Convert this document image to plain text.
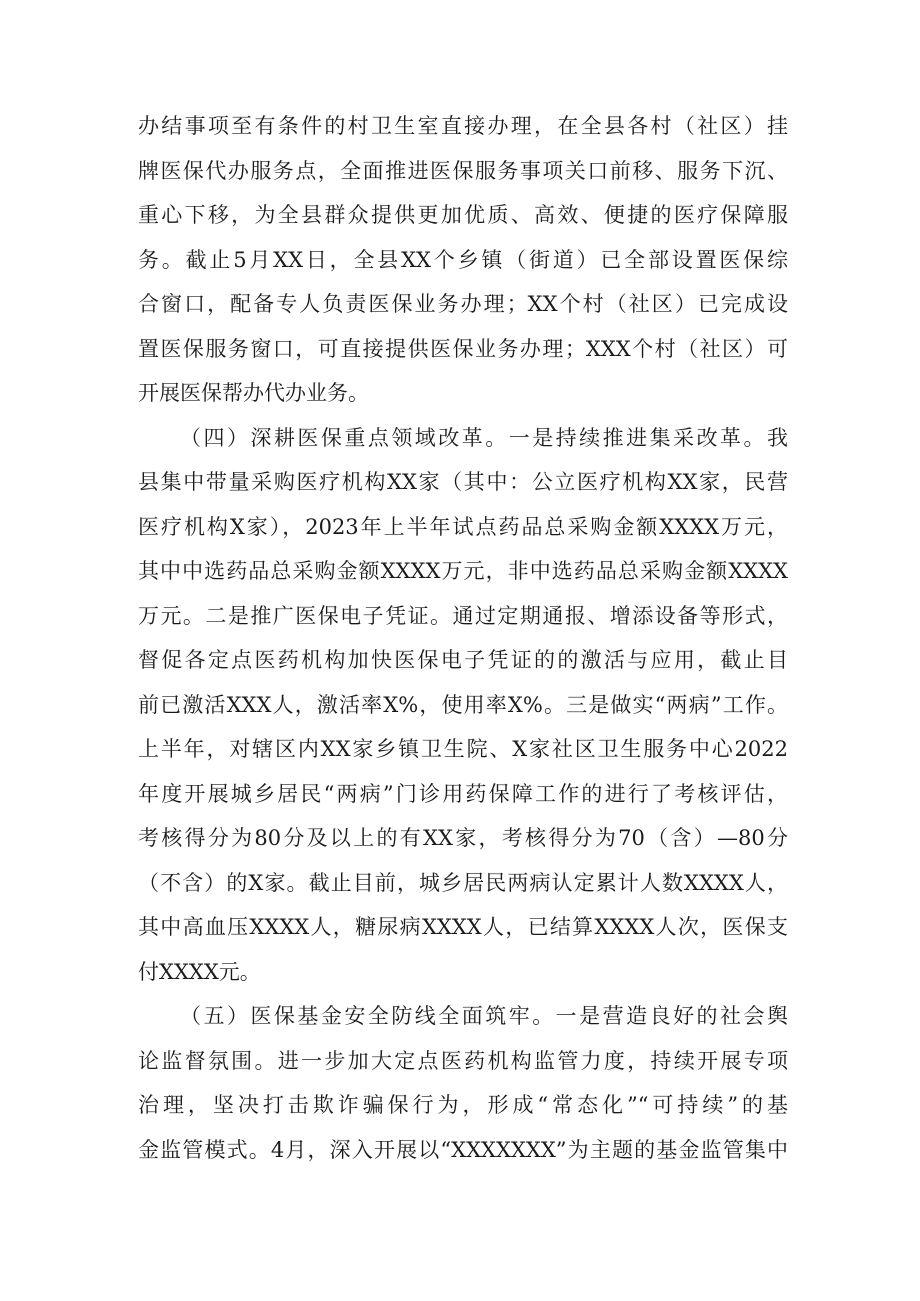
办结事项至有条件的村卫生室直接办理，在全县各村（社区）挂
牌医保代办服务点，全面推进医保服务事项关口前移、服务下沉、
重心下移，为全县群众提供更加优质、高效、便捷的医疗保障服
务。截止5月XX日，全县XX个乡镇（街道）已全部设置医保综
合窗口，配备专人负责医保业务办理；XX个村（社区）已完成设
置医保服务窗口，可直接提供医保业务办理；XXX个村（社区）可
开展医保帮办代办业务。

（四）深耕医保重点领域改革。一是持续推进集采改革。我
县集中带量采购医疗机构XX家（其中：公立医疗机构XX家，民营
医疗机构X家），2023年上半年试点药品总采购金额XXXX万元，
其中中选药品总采购金额XXXX万元，非中选药品总采购金额XXXX
万元。二是推广医保电子凭证。通过定期通报、增添设备等形式，
督促各定点医药机构加快医保电子凭证的的激活与应用，截止目
前已激活XXX人，激活率X%，使用率X%。三是做实“两病”工作。
上半年，对辖区内XX家乡镇卫生院、X家社区卫生服务中心2022
年度开展城乡居民“两病”门诊用药保障工作的进行了考核评估，
考核得分为80分及以上的有XX家，考核得分为70（含）—80分
（不含）的X家。截止目前，城乡居民两病认定累计人数XXXX人，
其中高血压XXXX人，糖尿病XXXX人，已结算XXXX人次，医保支
付XXXX元。

（五）医保基金安全防线全面筑牢。一是营造良好的社会舆
论监督氛围。进一步加大定点医药机构监管力度，持续开展专项
治理，坚决打击欺诈骗保行为，形成“常态化”“可持续”的基
金监管模式。4月，深入开展以“XXXXXXX”为主题的基金监管集中
